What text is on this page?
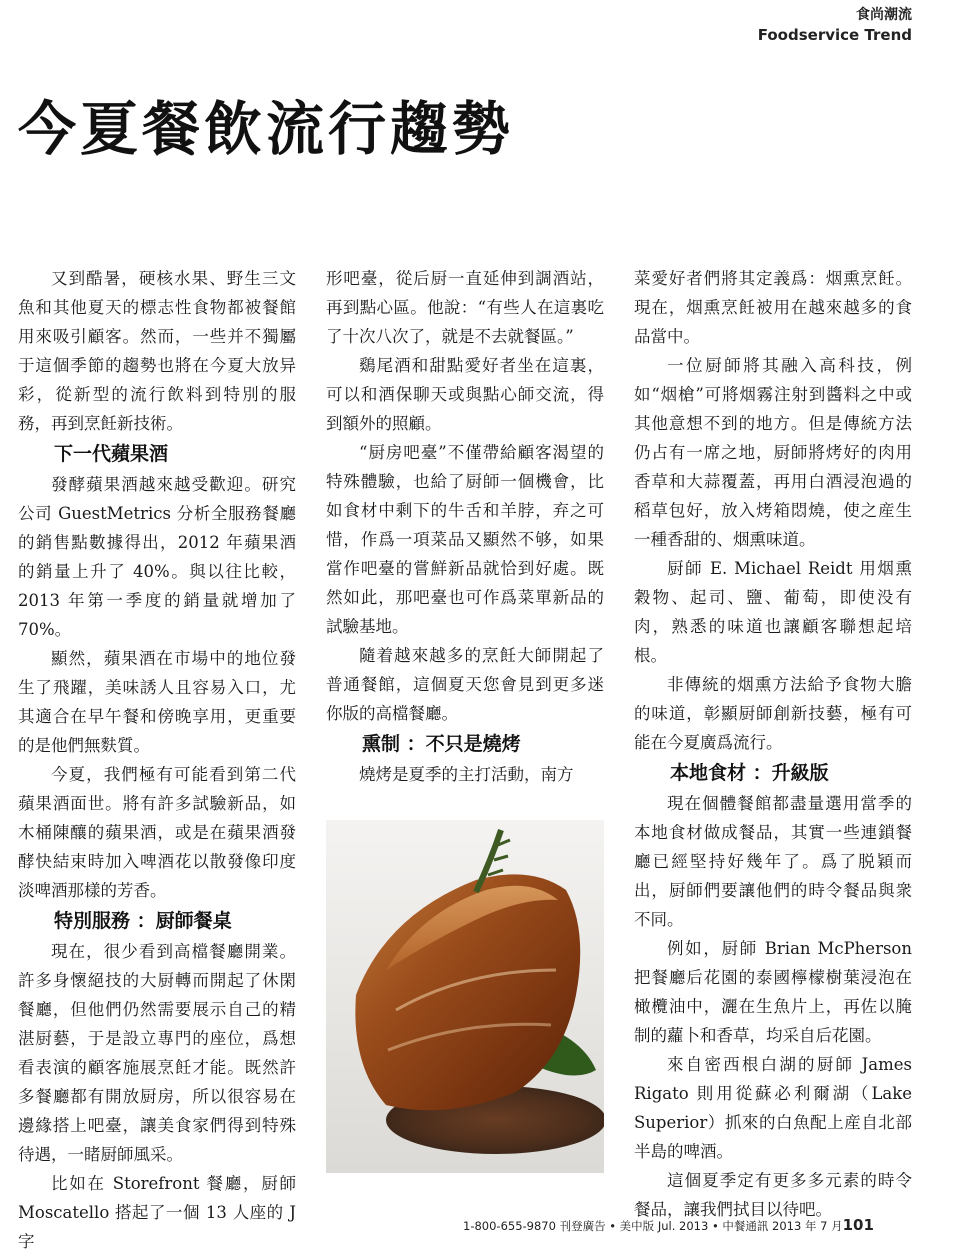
食尚潮流
Foodservice Trend
今夏餐飲流行趨勢

又到酷暑，硬核水果、野生三文魚和其他夏天的標志性食物都被餐館用來吸引顧客。然而，一些并不獨屬于這個季節的趨勢也將在今夏大放异彩，從新型的流行飲料到特別的服務，再到烹飪新技術。

下一代蘋果酒

發酵蘋果酒越來越受歡迎。研究公司 GuestMetrics 分析全服務餐廳的銷售點數據得出，2012 年蘋果酒的銷量上升了 40%。與以往比較，2013 年第一季度的銷量就增加了 70%。

顯然，蘋果酒在市場中的地位發生了飛躍，美味誘人且容易入口，尤其適合在早午餐和傍晚享用，更重要的是他們無麩質。

今夏，我們極有可能看到第二代蘋果酒面世。將有許多試驗新品，如木桶陳釀的蘋果酒，或是在蘋果酒發酵快結束時加入啤酒花以散發像印度淡啤酒那樣的芳香。

特別服務 ：厨師餐桌

現在，很少看到高檔餐廳開業。許多身懷絕技的大厨轉而開起了休閑餐廳，但他們仍然需要展示自己的精湛厨藝，于是設立專門的座位，爲想看表演的顧客施展烹飪才能。既然許多餐廳都有開放厨房，所以很容易在邊緣搭上吧臺，讓美食家們得到特殊待遇，一睹厨師風采。

比如在 Storefront 餐廳，厨師 Moscatello 搭起了一個 13 人座的 J 字

形吧臺，從后厨一直延伸到調酒站，再到點心區。他說：“有些人在這裏吃了十次八次了，就是不去就餐區。”

鷄尾酒和甜點愛好者坐在這裏，可以和酒保聊天或與點心師交流，得到額外的照顧。

“厨房吧臺”不僅帶給顧客渴望的特殊體驗，也給了厨師一個機會，比如食材中剩下的牛舌和羊脖，弃之可惜，作爲一項菜品又顯然不够，如果當作吧臺的嘗鮮新品就恰到好處。既然如此，那吧臺也可作爲菜單新品的試驗基地。

隨着越來越多的烹飪大師開起了普通餐館，這個夏天您會見到更多迷你版的高檔餐廳。

熏制 ：不只是燒烤

燒烤是夏季的主打活動，南方

菜愛好者們將其定義爲：烟熏烹飪。現在，烟熏烹飪被用在越來越多的食品當中。

一位厨師將其融入高科技，例如“烟槍”可將烟霧注射到醬料之中或其他意想不到的地方。但是傳統方法仍占有一席之地，厨師將烤好的肉用香草和大蒜覆蓋，再用白酒浸泡過的稻草包好，放入烤箱悶燒，使之産生一種香甜的、烟熏味道。

厨師 E. Michael Reidt 用烟熏穀物、起司、鹽、葡萄，即使没有肉，熟悉的味道也讓顧客聯想起培根。

非傳統的烟熏方法給予食物大膽的味道，彰顯厨師創新技藝，極有可能在今夏廣爲流行。

本地食材 ：升級版

現在個體餐館都盡量選用當季的本地食材做成餐品，其實一些連鎖餐廳已經堅持好幾年了。爲了脱穎而出，厨師們要讓他們的時令餐品與衆不同。

例如，厨師 Brian McPherson 把餐廳后花園的泰國檸檬樹葉浸泡在橄欖油中，灑在生魚片上，再佐以腌制的蘿卜和香草，均采自后花園。

來自密西根白湖的厨師 James Rigato 則用從蘇必利爾湖（Lake Superior）抓來的白魚配上産自北部半島的啤酒。

這個夏季定有更多多元素的時令餐品，讓我們拭目以待吧。

1-800-655-9870 刊登廣告 • 美中版 Jul. 2013 • 中餐通訊 2013 年 7 月101
